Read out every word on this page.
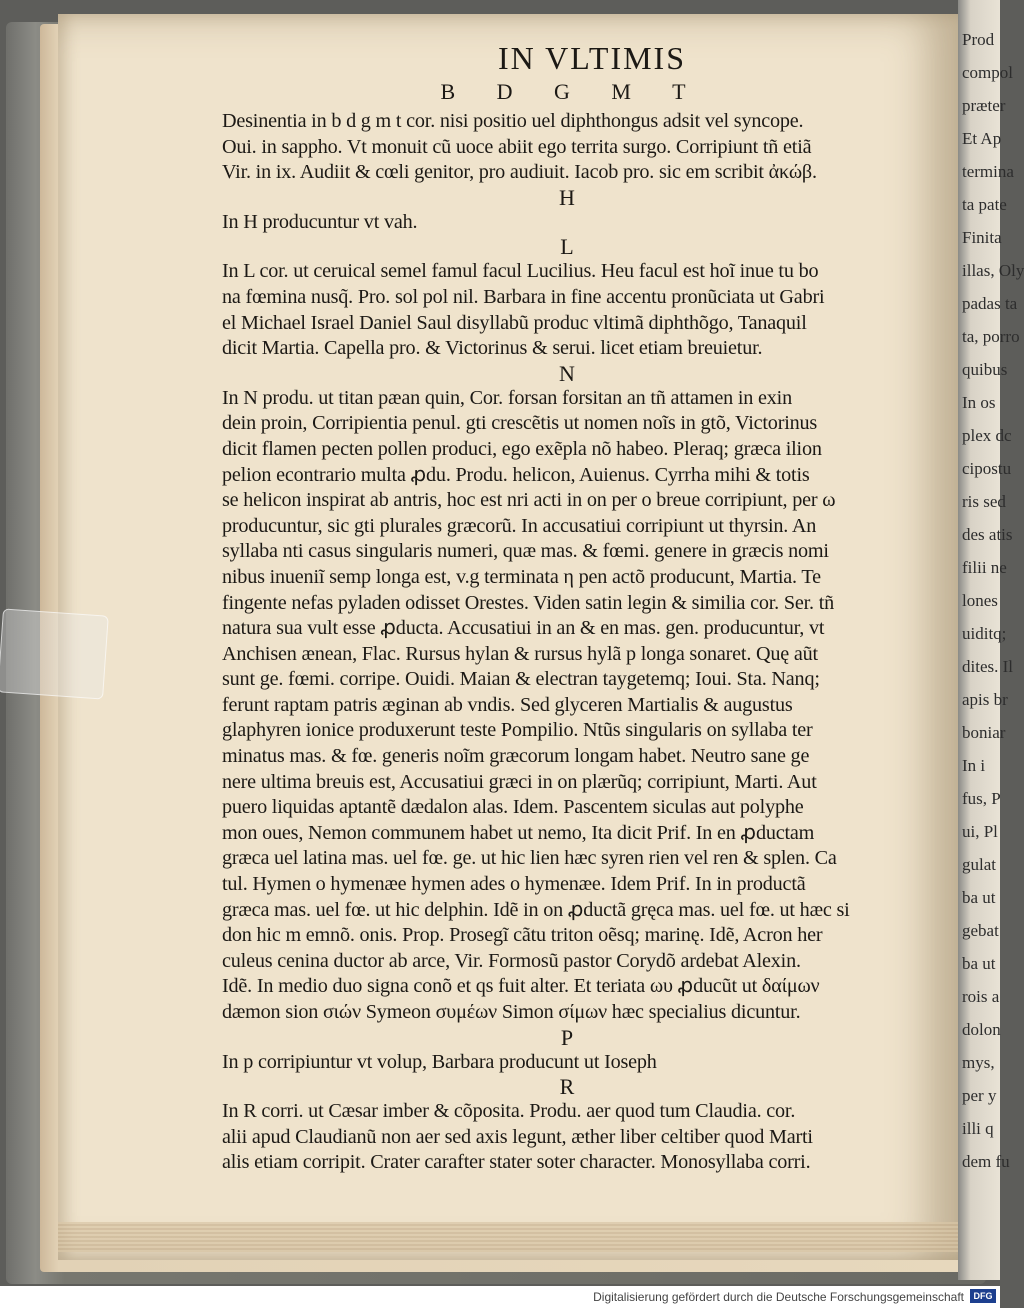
Prod
compol
præter
Et Ap
termina
ta pate
Finita
illas, Oly
padas ta
ta, porro
quibus
In os
plex dc
cipostu
ris sed
des atis
filii ne
lones
uiditq;
dites. Il
apis br
boniar
In i
fus, P
ui, Pl
gulat
ba ut
gebat
ba ut
rois a
dolon
mys,
per y
illi q
dem fu
IN VLTIMIS
B D G M T
Desinentia in b d g m t cor. nisi positio uel diphthongus adsit vel syncope.
Oui. in sappho. Vt monuit cũ uoce abiit ego territa surgo. Corripiunt tñ etiã
Vir. in ix. Audiit & cœli genitor, pro audiuit. Iacob pro. sic em scribit ἀκώβ.
H
In H producuntur vt vah.
L
In L cor. ut ceruical semel famul facul Lucilius. Heu facul est hoĩ inue tu bo
na fœmina nusq̃. Pro. sol pol nil. Barbara in fine accentu pronũciata ut Gabri
el Michael Israel Daniel Saul disyllabũ produc vltimã diphthõgo, Tanaquil
dicit Martia. Capella pro. & Victorinus & serui. licet etiam breuietur.
N
In N produ. ut titan pæan quin, Cor. forsan forsitan an tñ attamen in exin
dein proin, Corripientia penul. gti crescẽtis ut nomen noĩs in gtõ, Victorinus
dicit flamen pecten pollen produci, ego exẽpla nõ habeo. Pleraq; græca ilion
pelion econtrario multa ꝓdu. Produ. helicon, Auienus. Cyrrha mihi & totis
se helicon inspirat ab antris, hoc est nri acti in on per o breue corripiunt, per ω
producuntur, sic gti plurales græcorũ. In accusatiui corripiunt ut thyrsin. An
syllaba nti casus singularis numeri, quæ mas. & fœmi. genere in græcis nomi
nibus inueniĩ semp longa est, v.g terminata η pen actõ producunt, Martia. Te
fingente nefas pyladen odisset Orestes. Viden satin legin & similia cor. Ser. tñ
natura sua vult esse ꝓducta. Accusatiui in an & en mas. gen. producuntur, vt
Anchisen ænean, Flac. Rursus hylan & rursus hylã p longa sonaret. Quę aũt
sunt ge. fœmi. corripe. Ouidi. Maian & electran taygetemq; Ioui. Sta. Nanq;
ferunt raptam patris æginan ab vndis. Sed glyceren Martialis & augustus
glaphyren ionice produxerunt teste Pompilio. Ntũs singularis on syllaba ter
minatus mas. & fœ. generis noĩm græcorum longam habet. Neutro sane ge
nere ultima breuis est, Accusatiui græci in on plærũq; corripiunt, Marti. Aut
puero liquidas aptantẽ dædalon alas. Idem. Pascentem siculas aut polyphe
mon oues, Nemon communem habet ut nemo, Ita dicit Prif. In en ꝓductam
græca uel latina mas. uel fœ. ge. ut hic lien hæc syren rien vel ren & splen. Ca
tul. Hymen o hymenæe hymen ades o hymenæe. Idem Prif. In in productã
græca mas. uel fœ. ut hic delphin. Idẽ in on ꝓductã gręca mas. uel fœ. ut hæc si
don hic m emnõ. onis. Prop. Prosegĩ cãtu triton oẽsq; marinę. Idẽ, Acron her
culeus cenina ductor ab arce, Vir. Formosũ pastor Corydõ ardebat Alexin.
Idẽ. In medio duo signa conõ et qs fuit alter. Et teriata ωυ ꝓducũt ut δαίμων
dæmon sion σιών Symeon συμέων Simon σίμων hæc specialius dicuntur.
P
In p corripiuntur vt volup, Barbara producunt ut Ioseph
R
In R corri. ut Cæsar imber & cõposita. Produ. aer quod tum Claudia. cor.
alii apud Claudianũ non aer sed axis legunt, æther liber celtiber quod Marti
alis etiam corripit. Crater carafter stater soter character. Monosyllaba corri.
Digitalisierung gefördert durch die Deutsche Forschungsgemeinschaft	DFG
